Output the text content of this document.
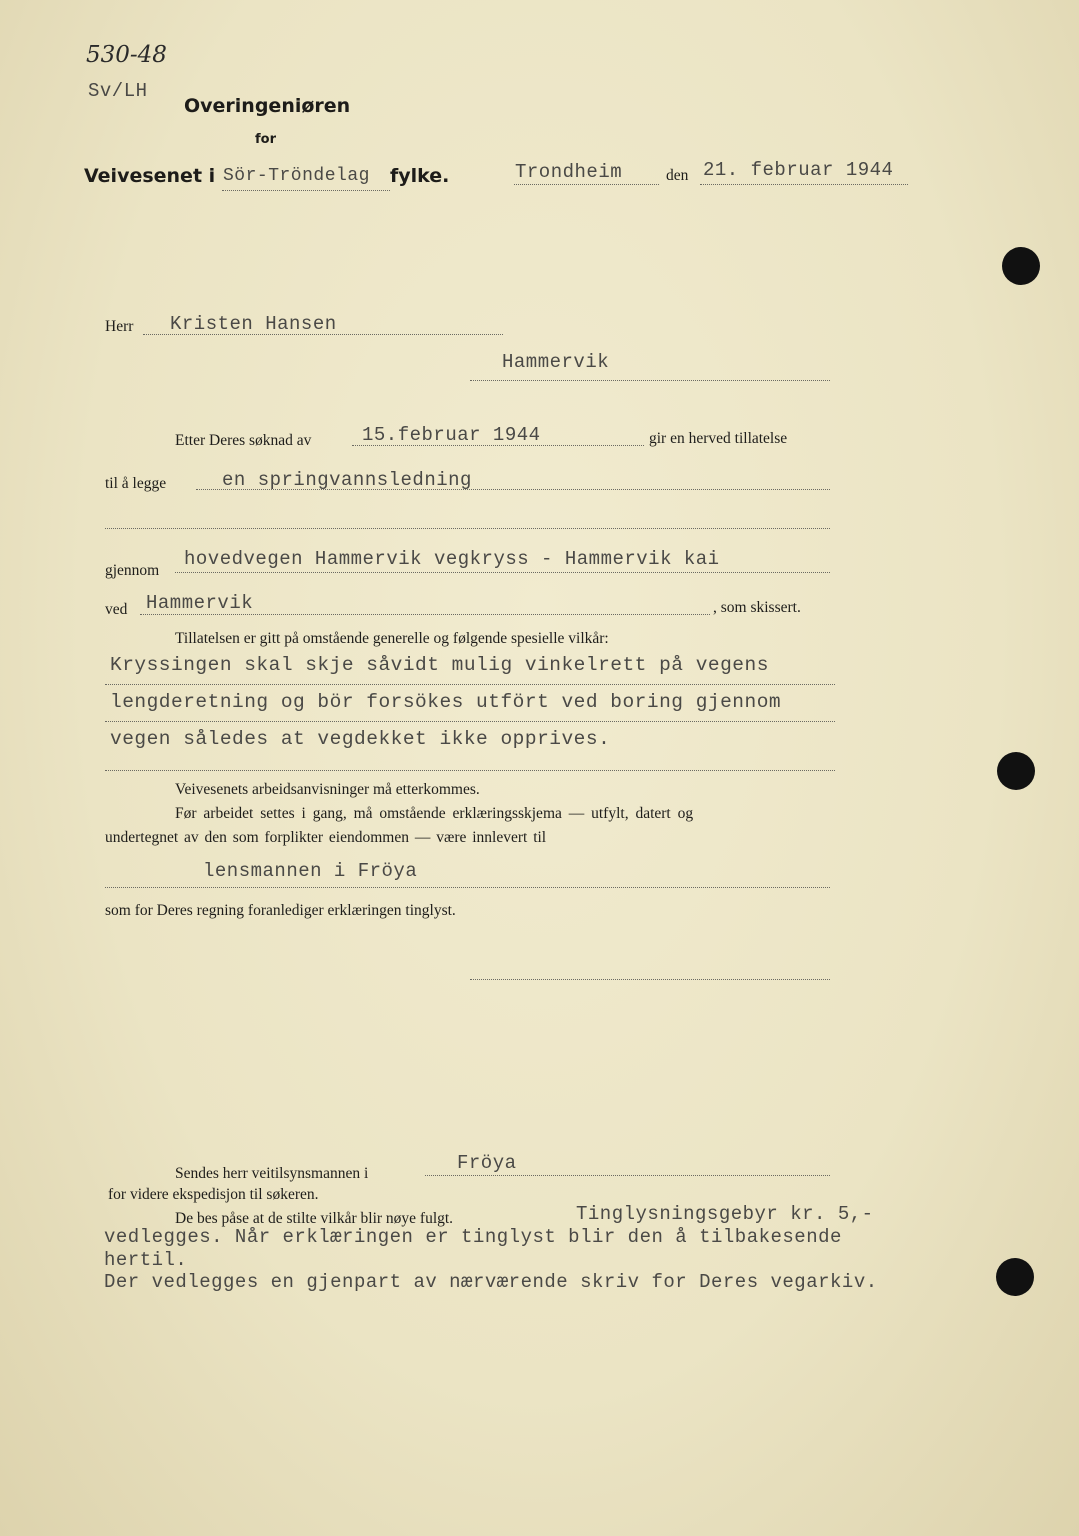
530-48
Sv/LH
Overingeniøren
for
Veivesenet i Sör-Tröndelag fylke.	Trondheim	den 21. februar 1944
Herr Kristen Hansen
Hammervik
Etter Deres søknad av	15.februar 1944	gir en herved tillatelse
til å legge	en springvannsledning
gjennom
hovedvegen Hammervik vegkryss - Hammervik kai
ved Hammervik	, som skissert.
Tillatelsen er gitt på omstående generelle og følgende spesielle vilkår:
Kryssingen skal skje såvidt mulig vinkelrett på vegens
lengderetning og bör forsökes utfört ved boring gjennom
vegen således at vegdekket ikke opprives.
Veivesenets arbeidsanvisninger må etterkommes.
Før arbeidet settes i gang, må omstående erklæringsskjema — utfylt, datert og
undertegnet av den som forplikter eiendommen — være innlevert til
lensmannen i Fröya
som for Deres regning foranlediger erklæringen tinglyst.
Sendes herr veitilsynsmannen i	Fröya
for videre ekspedisjon til søkeren.
De bes påse at de stilte vilkår blir nøye fulgt.	Tinglysningsgebyr kr. 5,-
vedlegges. Når erklæringen er tinglyst blir den å tilbakesende
hertil.
Der vedlegges en gjenpart av nærværende skriv for Deres vegarkiv.
